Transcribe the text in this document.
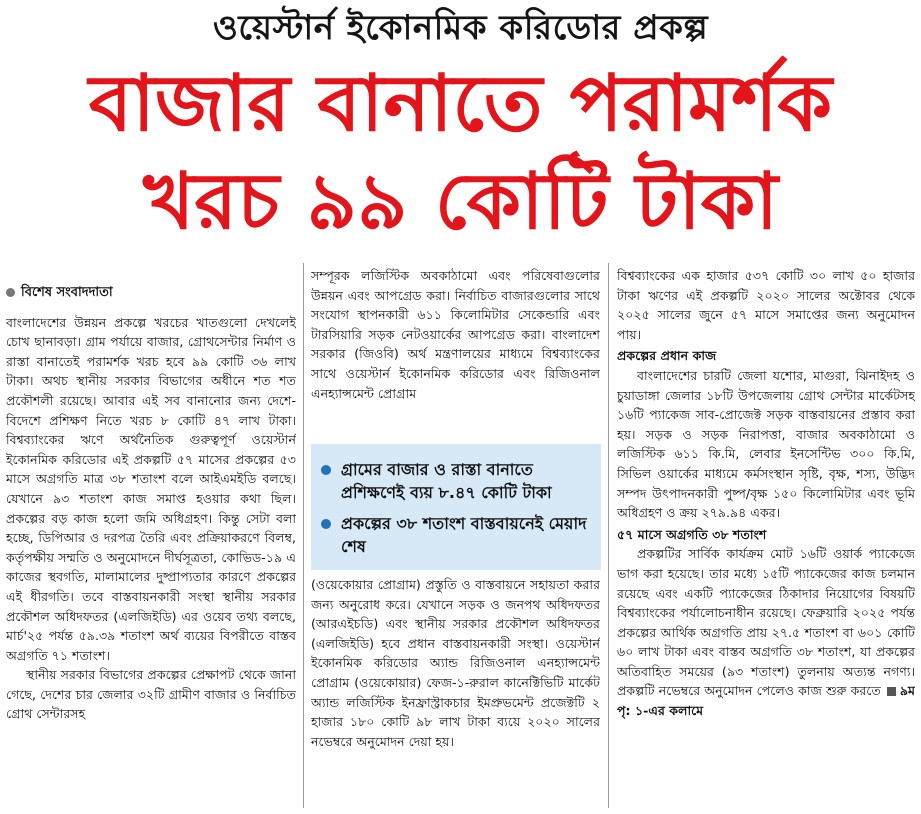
ওয়েস্টার্ন ইকোনমিক করিডোর প্রকল্প
বাজার বানাতে পরামর্শক
খরচ ৯৯ কোটি টাকা

বিশেষ সংবাদদাতা

বাংলাদেশের উন্নয়ন প্রকল্পে খরচের খাতগুলো দেখলেই চোখ ছানাবড়া। গ্রাম পর্যায়ে বাজার, গ্রোথসেন্টার নির্মাণ ও রাস্তা বানাতেই পরামর্শক খরচ হবে ৯৯ কোটি ৩৬ লাখ টাকা। অথচ স্থানীয় সরকার বিভাগের অধীনে শত শত প্রকৌশলী রয়েছে। আবার এই সব বানানোর জন্য দেশে-বিদেশে প্রশিক্ষণ নিতে খরচ ৮ কোটি ৪৭ লাখ টাকা। বিশ্বব্যাংকের ঋণে অর্থনৈতিক গুরুত্বপূর্ণ ওয়েস্টার্ন ইকোনমিক করিডোর এই প্রকল্পটি ৫৭ মাসের প্রকল্পের ৫৩ মাসে অগ্রগতি মাত্র ৩৮ শতাংশ বলে আইএমইডি বলছে। যেখানে ৯৩ শতাংশ কাজ সমাপ্ত হওয়ার কথা ছিল। প্রকল্পের বড় কাজ হলো জমি অধিগ্রহণ। কিন্তু সেটা বলা হচ্ছে, ডিপিআর ও দরপত্র তৈরি এবং প্রক্রিয়াকরণে বিলম্ব, কর্তৃপক্ষীয় সম্মতি ও অনুমোদনে দীর্ঘসূত্রতা, কোভিড-১৯ এ কাজের স্থবগতি, মালামালের দুষ্প্রাপ্যতার কারণে প্রকল্পের এই ধীরগতি। তবে বাস্তবায়নকারী সংস্থা স্থানীয় সরকার প্রকৌশল অধিদফতর (এলজিইডি) এর ওয়েব তথ্য বলছে, মার্চ'২৫ পর্যন্ত ৫৯.৩৯ শতাংশ অর্থ ব্যয়ের বিপরীতে বাস্তব অগ্রগতি ৭১ শতাংশ।

স্থানীয় সরকার বিভাগের প্রকল্পের প্রেক্ষাপট থেকে জানা গেছে, দেশের চার জেলার ৩২টি গ্রামীণ বাজার ও নির্বাচিত গ্রোথ সেন্টারসহ

সম্পূরক লজিস্টিক অবকাঠামো এবং পরিষেবাগুলোর উন্নয়ন এবং আপগ্রেড করা। নির্বাচিত বাজারগুলোর সাথে সংযোগ স্থাপনকারী ৬১১ কিলোমিটার সেকেন্ডারি এবং টারসিয়ারি সড়ক নেটওয়ার্কের আপগ্রেড করা। বাংলাদেশ সরকার (জিওবি) অর্থ মন্ত্রণালয়ের মাধ্যমে বিশ্বব্যাংকের সাথে ওয়েস্টার্ন ইকোনমিক করিডোর এবং রিজিওনাল এনহ্যান্সমেন্ট প্রোগ্রাম

গ্রামের বাজার ও রাস্তা বানাতে প্রশিক্ষণেই ব্যয় ৮.৪৭ কোটি টাকা
প্রকল্পের ৩৮ শতাংশ বাস্তবায়নেই মেয়াদ শেষ

(ওয়েকোয়ার প্রোগ্রাম) প্রস্তুতি ও বাস্তবায়নে সহায়তা করার জন্য অনুরোধ করে। যেখানে সড়ক ও জনপথ অধিদফতর (আরএইচডি) এবং স্থানীয় সরকার প্রকৌশল অধিদফতর (এলজিইডি) হবে প্রধান বাস্তবায়নকারী সংস্থা। ওয়েস্টার্ন ইকোনমিক করিডোর অ্যান্ড রিজিওনাল এনহ্যান্সমেন্ট প্রোগ্রাম (ওয়েকোয়ার) ফেজ-১-রুরাল কানেক্টিভিটি মার্কেট অ্যান্ড লজিস্টিক ইনফ্রাস্ট্রাকচার ইমপ্রুভমেন্ট প্রজেক্টটি ২ হাজার ১৮০ কোটি ৯৮ লাখ টাকা ব্যয়ে ২০২০ সালের নভেম্বরে অনুমোদন দেয়া হয়।

বিশ্বব্যাংকের এক হাজার ৫৩৭ কোটি ৩০ লাখ ৫০ হাজার টাকা ঋণের এই প্রকল্পটি ২০২০ সালের অক্টোবর থেকে ২০২৫ সালের জুনে ৫৭ মাসে সমাপ্তের জন্য অনুমোদন পায়।

প্রকল্পের প্রধান কাজ

বাংলাদেশের চারটি জেলা যশোর, মাগুরা, ঝিনাইদহ ও চুয়াডাঙ্গা জেলার ১৮টি উপজেলায় গ্রোথ সেন্টার মার্কেটসহ ১৬টি প্যাকেজ সাব-প্রোজেক্ট সড়ক বাস্তবায়নের প্রস্তাব করা হয়। সড়ক ও সড়ক নিরাপত্তা, বাজার অবকাঠামো ও লজিস্টিক ৬১১ কি.মি, লেবার ইনসেন্টিভ ৩০০ কি.মি, সিভিল ওয়ার্কের মাধ্যমে কর্মসংস্থান সৃষ্টি, বৃক্ষ, শস্য, উদ্ভিদ সম্পদ উৎপাদনকারী পুষ্প/বৃক্ষ ১৫০ কিলোমিটার এবং ভূমি অধিগ্রহণ ও ক্রয় ২৭৯.৯৪ একর।

৫৭ মাসে অগ্রগতি ৩৮ শতাংশ

প্রকল্পটির সার্বিক কার্যক্রম মোট ১৬টি ওয়ার্ক প্যাকেজে ভাগ করা হয়েছে। তার মধ্যে ১৫টি প্যাকেজের কাজ চলমান রয়েছে এবং একটি প্যাকেজের ঠিকাদার নিয়োগের বিষয়টি বিশ্বব্যাংকের পর্যালোচনাধীন রয়েছে। ফেব্রুয়ারি ২০২৫ পর্যন্ত প্রকল্পের আর্থিক অগ্রগতি প্রায় ২৭.৫ শতাংশ বা ৬০১ কোটি ৬০ লাখ টাকা এবং বাস্তব অগ্রগতি ৩৮ শতাংশ, যা প্রকল্পের অতিবাহিত সময়ের (৯৩ শতাংশ) তুলনায় অত্যন্ত নগণ্য। প্রকল্পটি নভেম্বরে অনুমোদন পেলেও কাজ শুরু করতে ৯ম পৃ: ১-এর কলামে
